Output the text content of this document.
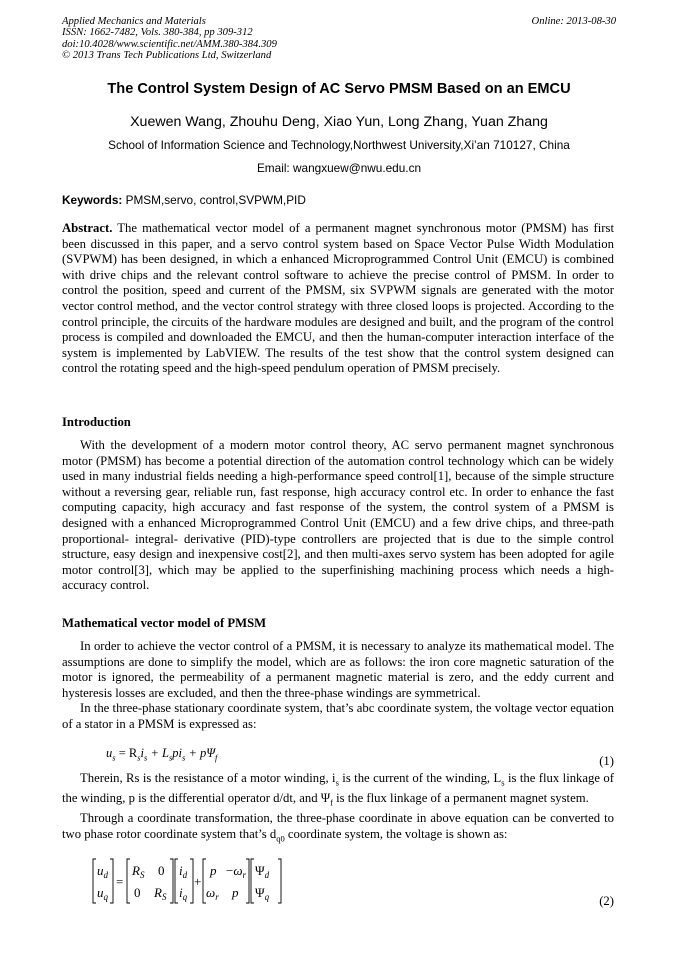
Applied Mechanics and Materials
ISSN: 1662-7482, Vols. 380-384, pp 309-312
doi:10.4028/www.scientific.net/AMM.380-384.309
© 2013 Trans Tech Publications Ltd, Switzerland
Online: 2013-08-30
The Control System Design of AC Servo PMSM Based on an EMCU
Xuewen Wang, Zhouhu Deng, Xiao Yun, Long Zhang, Yuan Zhang
School of Information Science and Technology,Northwest University,Xi’an 710127, China
Email: wangxuew@nwu.edu.cn
Keywords: PMSM,servo, control,SVPWM,PID

Abstract. The mathematical vector model of a permanent magnet synchronous motor (PMSM) has first been discussed in this paper, and a servo control system based on Space Vector Pulse Width Modulation (SVPWM) has been designed, in which a enhanced Microprogrammed Control Unit (EMCU) is combined with drive chips and the relevant control software to achieve the precise control of PMSM. In order to control the position, speed and current of the PMSM, six SVPWM signals are generated with the motor vector control method, and the vector control strategy with three closed loops is projected. According to the control principle, the circuits of the hardware modules are designed and built, and the program of the control process is compiled and downloaded the EMCU, and then the human-computer interaction interface of the system is implemented by LabVIEW. The results of the test show that the control system designed can control the rotating speed and the high-speed pendulum operation of PMSM precisely.

Introduction

With the development of a modern motor control theory, AC servo permanent magnet synchronous motor (PMSM) has become a potential direction of the automation control technology which can be widely used in many industrial fields needing a high-performance speed control[1], because of the simple structure without a reversing gear, reliable run, fast response, high accuracy control etc. In order to enhance the fast computing capacity, high accuracy and fast response of the system, the control system of a PMSM is designed with a enhanced Microprogrammed Control Unit (EMCU) and a few drive chips, and three-path proportional- integral- derivative (PID)-type controllers are projected that is due to the simple control structure, easy design and inexpensive cost[2], and then multi-axes servo system has been adopted for agile motor control[3], which may be applied to the superfinishing machining process which needs a high-accuracy control.

Mathematical vector model of PMSM

In order to achieve the vector control of a PMSM, it is necessary to analyze its mathematical model. The assumptions are done to simplify the model, which are as follows: the iron core magnetic saturation of the motor is ignored, the permeability of a permanent magnetic material is zero, and the eddy current and hysteresis losses are excluded, and then the three-phase windings are symmetrical.

In the three-phase stationary coordinate system, that’s abc coordinate system, the voltage vector equation of a stator in a PMSM is expressed as:

$u_s = R_si_s + L_spi_s + p\Psi_f$	(1)

Therein, Rs is the resistance of a motor winding, $i_s$ is the current of the winding, $L_s$ is the flux linkage of the winding, p is the differential operator d/dt, and $\Psi_f$ is the flux linkage of a permanent magnet system.

Through a coordinate transformation, the three-phase coordinate in above equation can be converted to two phase rotor coordinate system that’s $d_{q0}$ coordinate system, the voltage is shown as:

$u_d$
$u_q$
=
$R_S$ 0
0 $R_S$
$i_d$
$i_q$
+
$p -\omega_r$
$\omega_r$ p
$\Psi_d$
$\Psi_q$	(2)
